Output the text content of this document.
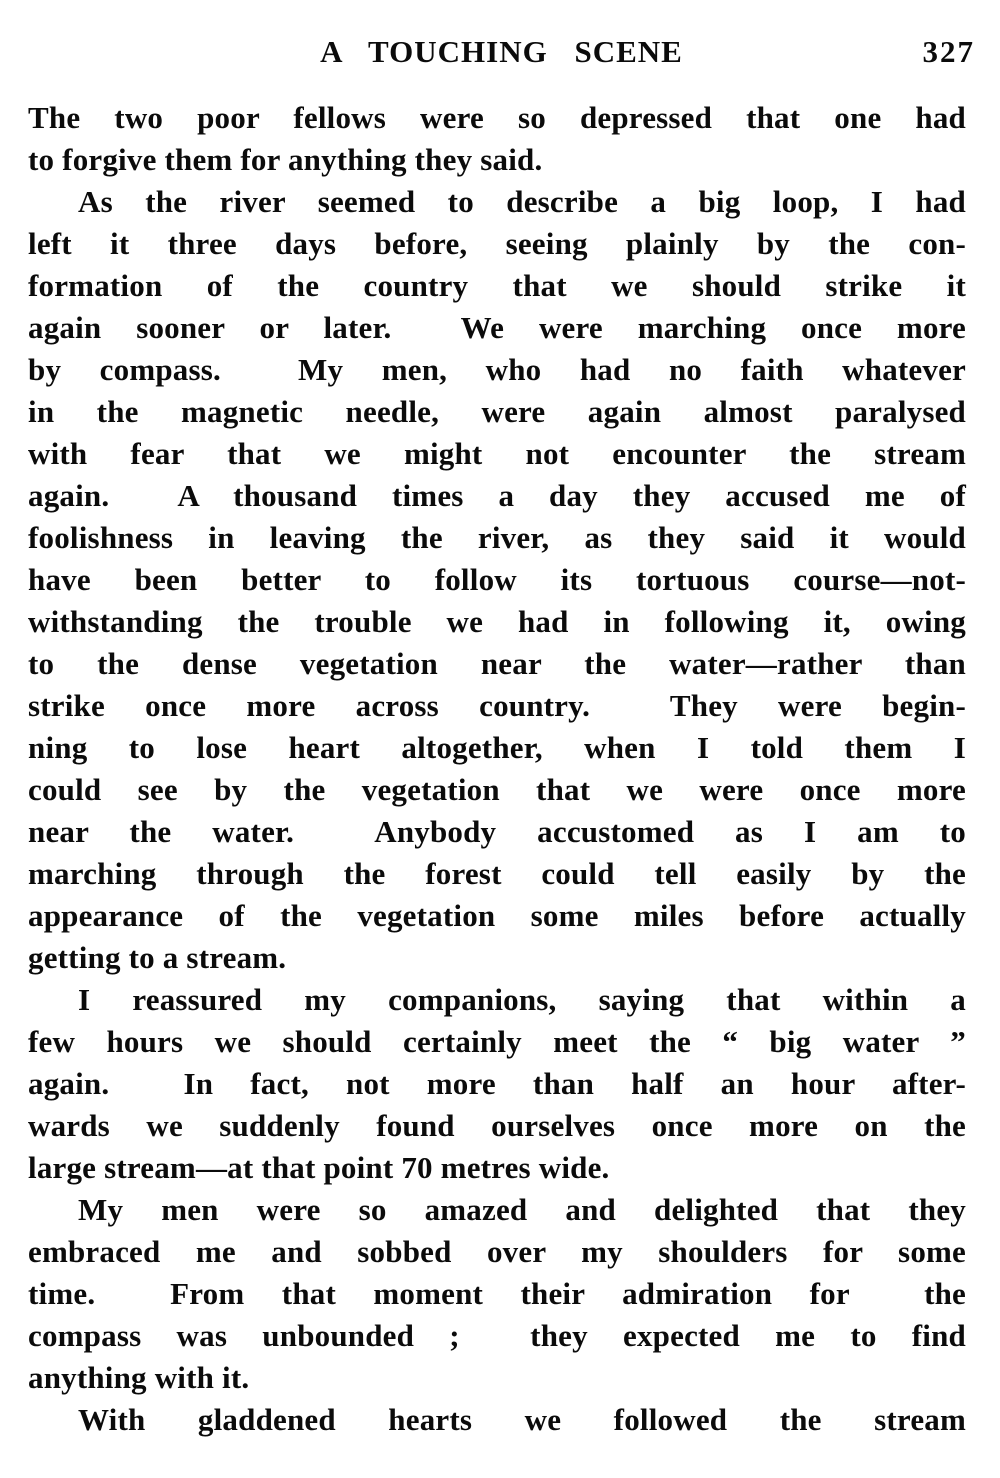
A TOUCHING SCENE	327
The two poor fellows were so depressed that one had
to forgive them for anything they said.
As the river seemed to describe a big loop, I had
left it three days before, seeing plainly by the con-
formation of the country that we should strike it
again sooner or later.  We were marching once more
by compass.  My men, who had no faith whatever
in the magnetic needle, were again almost paralysed
with fear that we might not encounter the stream
again.  A thousand times a day they accused me of
foolishness in leaving the river, as they said it would
have been better to follow its tortuous course—not-
withstanding the trouble we had in following it, owing
to the dense vegetation near the water—rather than
strike once more across country.  They were begin-
ning to lose heart altogether, when I told them I
could see by the vegetation that we were once more
near the water.  Anybody accustomed as I am to
marching through the forest could tell easily by the
appearance of the vegetation some miles before actually
getting to a stream.
I reassured my companions, saying that within a
few hours we should certainly meet the “ big water ”
again.  In fact, not more than half an hour after-
wards we suddenly found ourselves once more on the
large stream—at that point 70 metres wide.
My men were so amazed and delighted that they
embraced me and sobbed over my shoulders for some
time.  From that moment their admiration for  the
compass was unbounded ;  they expected me to find
anything with it.
With gladdened hearts we followed the stream
